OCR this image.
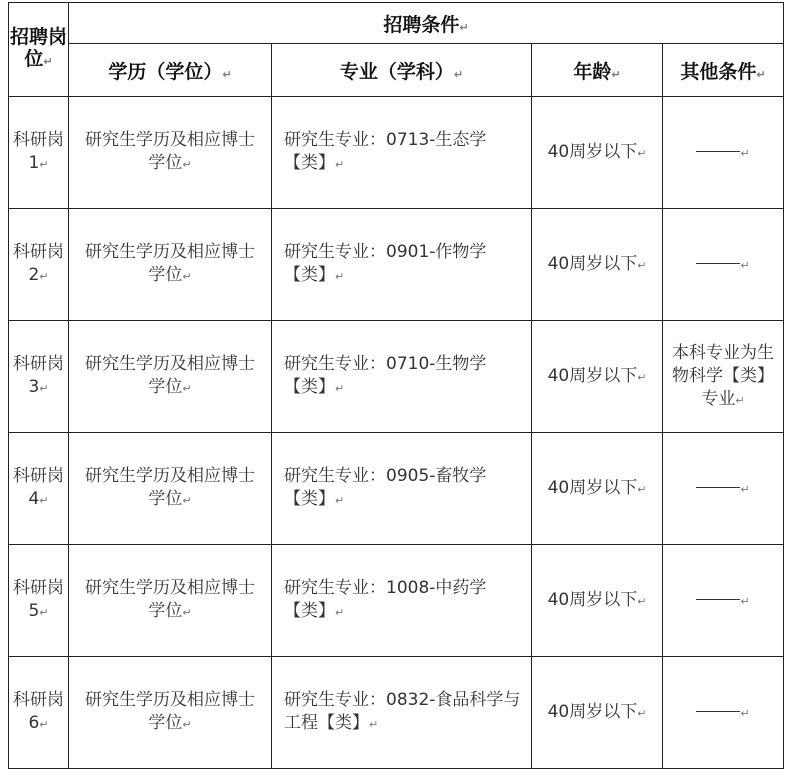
招聘岗位↵	招聘条件↵			
	学历（学位）↵	专业（学科）↵	年龄↵	其他条件↵
科研岗1↵	研究生学历及相应博士学位↵	研究生专业：0713-生态学【类】↵	40周岁以下↵	↵
科研岗2↵	研究生学历及相应博士学位↵	研究生专业：0901-作物学【类】↵	40周岁以下↵	↵
科研岗3↵	研究生学历及相应博士学位↵	研究生专业：0710-生物学【类】↵	40周岁以下↵	本科专业为生物科学【类】专业↵
科研岗4↵	研究生学历及相应博士学位↵	研究生专业：0905-畜牧学【类】↵	40周岁以下↵	↵
科研岗5↵	研究生学历及相应博士学位↵	研究生专业：1008-中药学【类】↵	40周岁以下↵	↵
科研岗6↵	研究生学历及相应博士学位↵	研究生专业：0832-食品科学与工程【类】↵	40周岁以下↵	↵
